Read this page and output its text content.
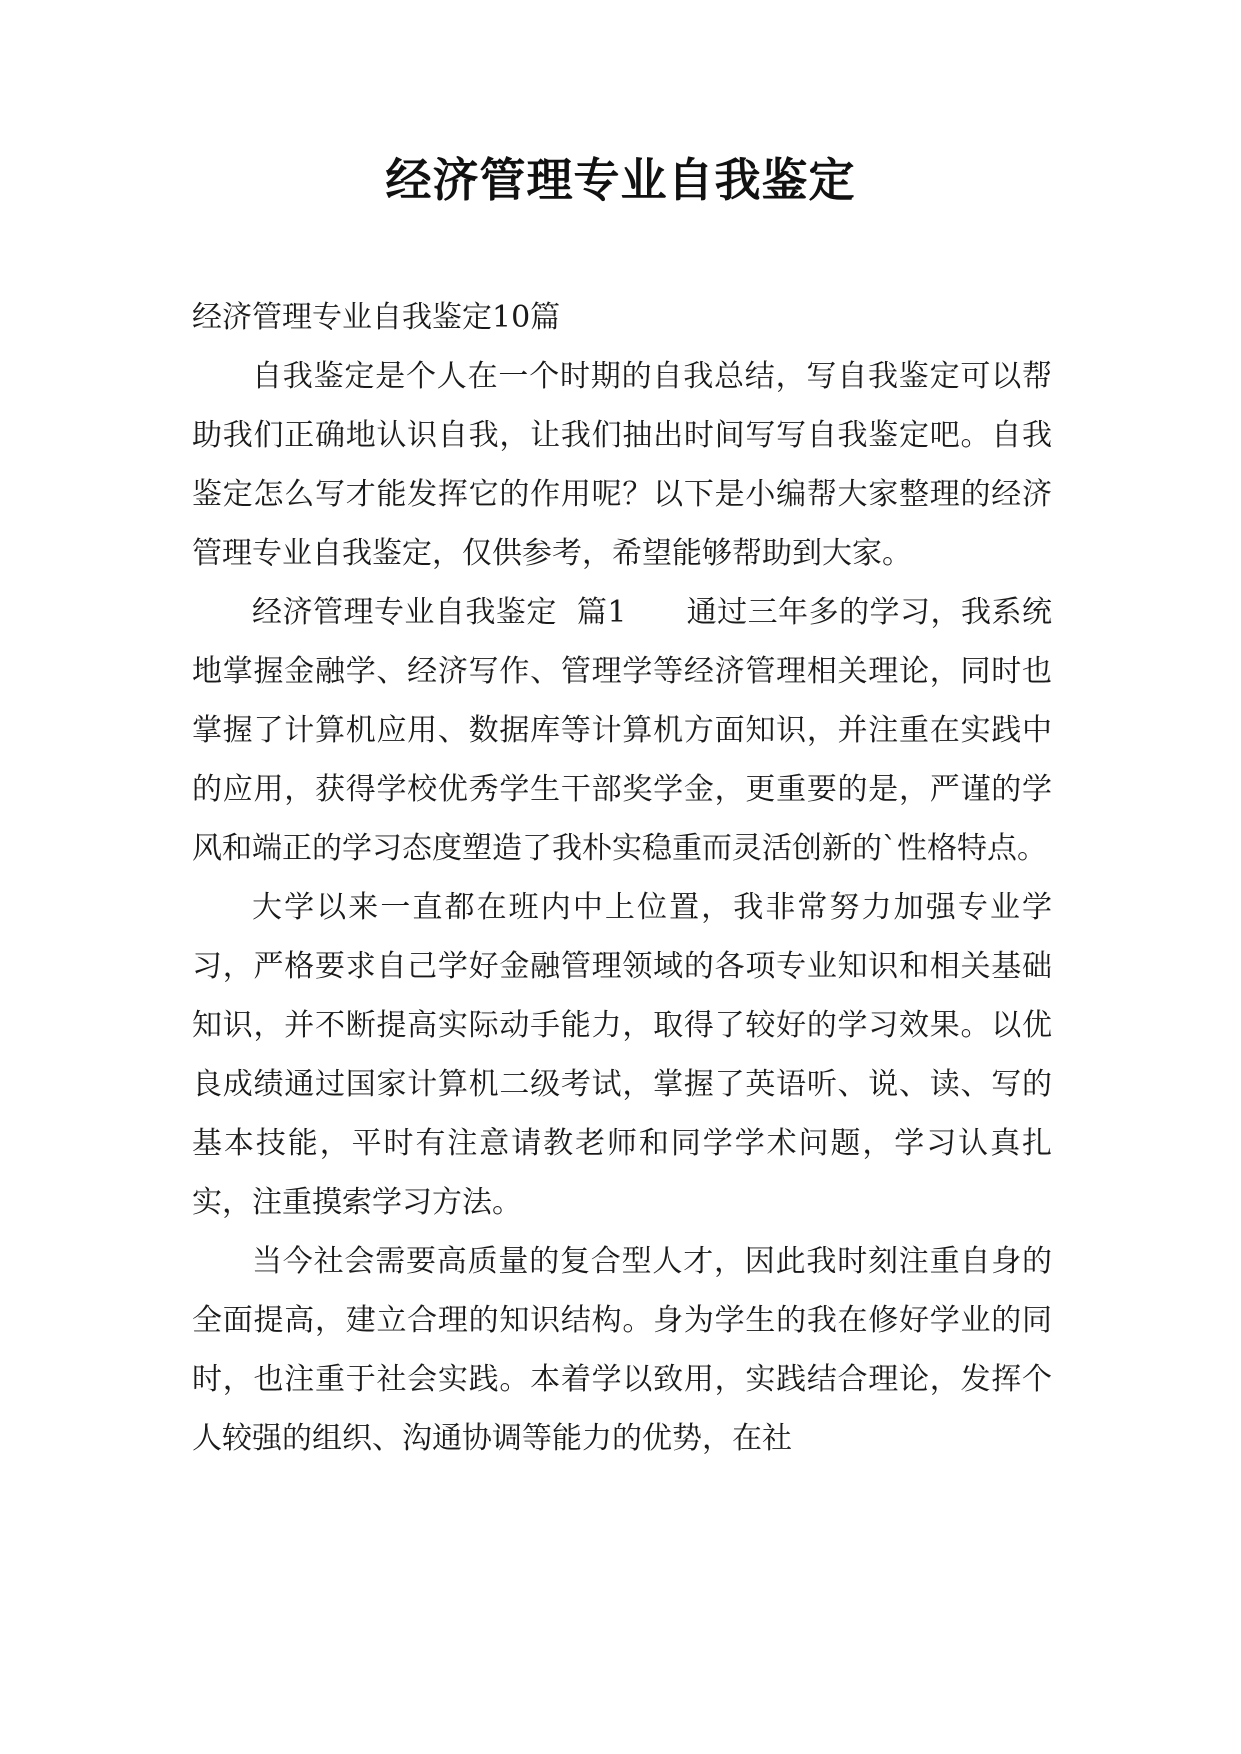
经济管理专业自我鉴定

经济管理专业自我鉴定10篇

自我鉴定是个人在一个时期的自我总结，写自我鉴定可以帮助我们正确地认识自我，让我们抽出时间写写自我鉴定吧。自我鉴定怎么写才能发挥它的作用呢？以下是小编帮大家整理的经济管理专业自我鉴定，仅供参考，希望能够帮助到大家。

经济管理专业自我鉴定  篇1      通过三年多的学习，我系统地掌握金融学、经济写作、管理学等经济管理相关理论，同时也掌握了计算机应用、数据库等计算机方面知识，并注重在实践中的应用，获得学校优秀学生干部奖学金，更重要的是，严谨的学风和端正的学习态度塑造了我朴实稳重而灵活创新的`性格特点。

大学以来一直都在班内中上位置，我非常努力加强专业学习，严格要求自己学好金融管理领域的各项专业知识和相关基础知识，并不断提高实际动手能力，取得了较好的学习效果。以优良成绩通过国家计算机二级考试，掌握了英语听、说、读、写的基本技能，平时有注意请教老师和同学学术问题，学习认真扎实，注重摸索学习方法。

当今社会需要高质量的复合型人才，因此我时刻注重自身的全面提高，建立合理的知识结构。身为学生的我在修好学业的同时，也注重于社会实践。本着学以致用，实践结合理论，发挥个人较强的组织、沟通协调等能力的优势，在社
